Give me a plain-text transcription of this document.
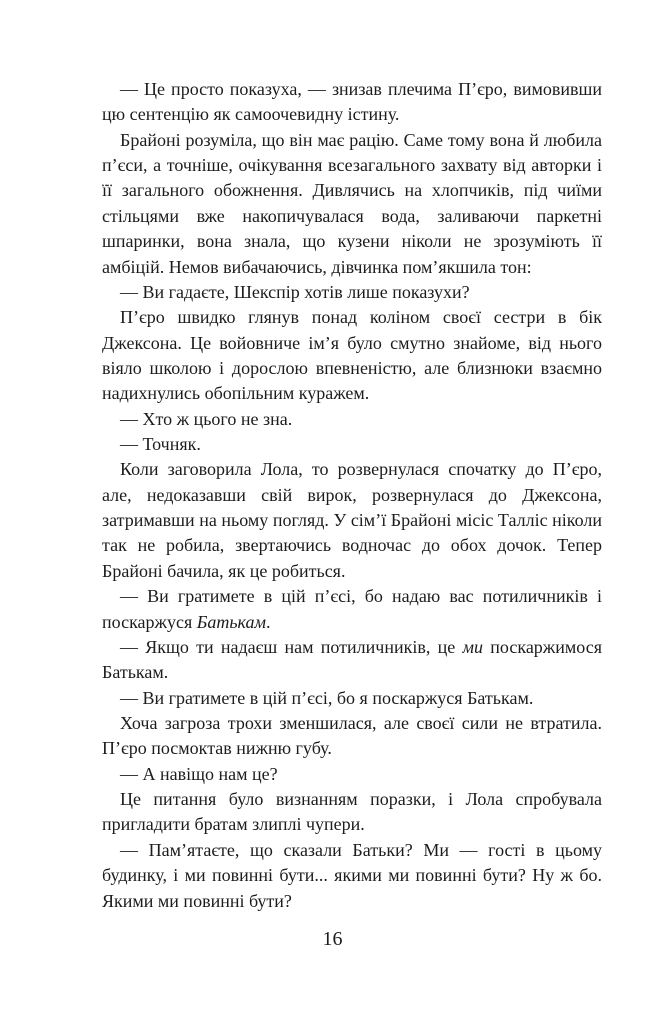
— Це просто показуха, — знизав плечима П’єро, вимовивши цю сентенцію як самоочевидну істину.

Брайоні розуміла, що він має рацію. Саме тому вона й любила п’єси, а точніше, очікування всезагального захвату від авторки і її загального обожнення. Дивлячись на хлопчиків, під чиїми стільцями вже накопичувалася вода, заливаючи паркетні шпаринки, вона знала, що кузени ніколи не зрозуміють її амбіцій. Немов вибачаючись, дівчинка пом’якшила тон:

— Ви гадаєте, Шекспір хотів лише показухи?

П’єро швидко глянув понад коліном своєї сестри в бік Джексона. Це войовниче ім’я було смутно знайоме, від нього віяло школою і дорослою впевненістю, але близнюки взаємно надихнулись обопільним куражем.

— Хто ж цього не зна.

— Точняк.

Коли заговорила Лола, то розвернулася спочатку до П’єро, але, недоказавши свій вирок, розвернулася до Джексона, затримавши на ньому погляд. У сім’ї Брайоні місіс Талліс ніколи так не робила, звертаючись водночас до обох дочок. Тепер Брайоні бачила, як це робиться.

— Ви гратимете в цій п’єсі, бо надаю вас потиличників і поскаржуся Батькам.

— Якщо ти надаєш нам потиличників, це ми поскаржимося Батькам.

— Ви гратимете в цій п’єсі, бо я поскаржуся Батькам.

Хоча загроза трохи зменшилася, але своєї сили не втратила. П’єро посмоктав нижню губу.

— А навіщо нам це?

Це питання було визнанням поразки, і Лола спробувала пригладити братам злиплі чупери.

— Пам’ятаєте, що сказали Батьки? Ми — гості в цьому будинку, і ми повинні бути... якими ми повинні бути? Ну ж бо. Якими ми повинні бути?

16
